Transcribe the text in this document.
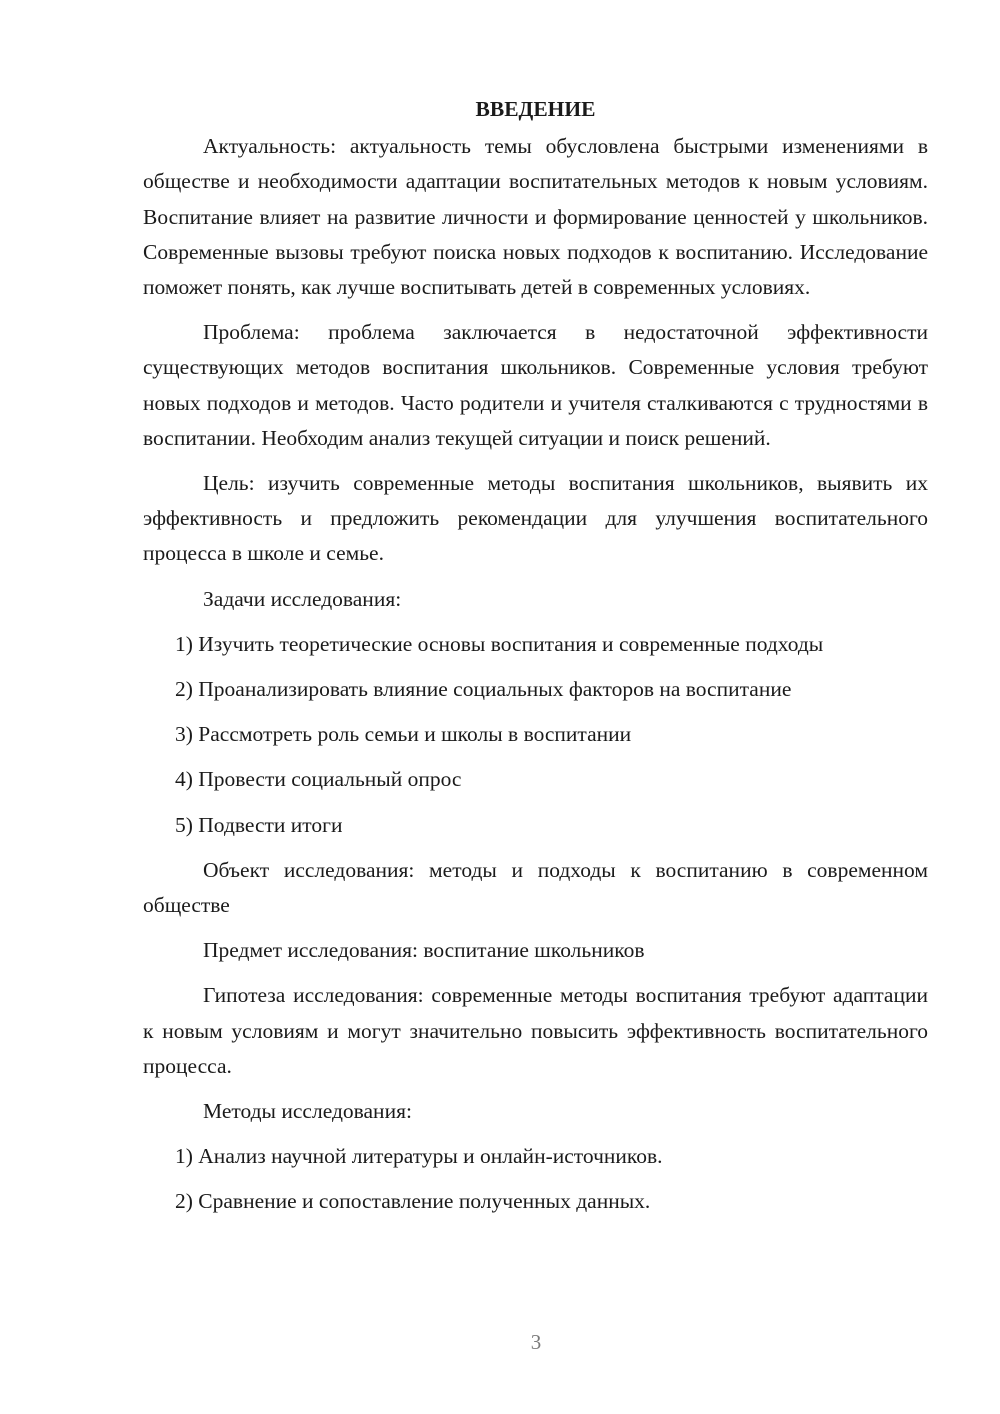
ВВЕДЕНИЕ

Актуальность: актуальность темы обусловлена быстрыми изменениями в обществе и необходимости адаптации воспитательных методов к новым условиям. Воспитание влияет на развитие личности и формирование ценностей у школьников. Современные вызовы требуют поиска новых подходов к воспитанию. Исследование поможет понять, как лучше воспитывать детей в современных условиях.

Проблема: проблема заключается в недостаточной эффективности существующих методов воспитания школьников. Современные условия требуют новых подходов и методов. Часто родители и учителя сталкиваются с трудностями в воспитании. Необходим анализ текущей ситуации и поиск решений.

Цель: изучить современные методы воспитания школьников, выявить их эффективность и предложить рекомендации для улучшения воспитательного процесса в школе и семье.

Задачи исследования:

1) Изучить теоретические основы воспитания и современные подходы
2) Проанализировать влияние социальных факторов на воспитание
3) Рассмотреть роль семьи и школы в воспитании
4) Провести социальный опрос
5) Подвести итоги

Объект исследования: методы и подходы к воспитанию в современном обществе

Предмет исследования: воспитание школьников

Гипотеза исследования: современные методы воспитания требуют адаптации к новым условиям и могут значительно повысить эффективность воспитательного процесса.

Методы исследования:

1) Анализ научной литературы и онлайн-источников.
2) Сравнение и сопоставление полученных данных.
3
